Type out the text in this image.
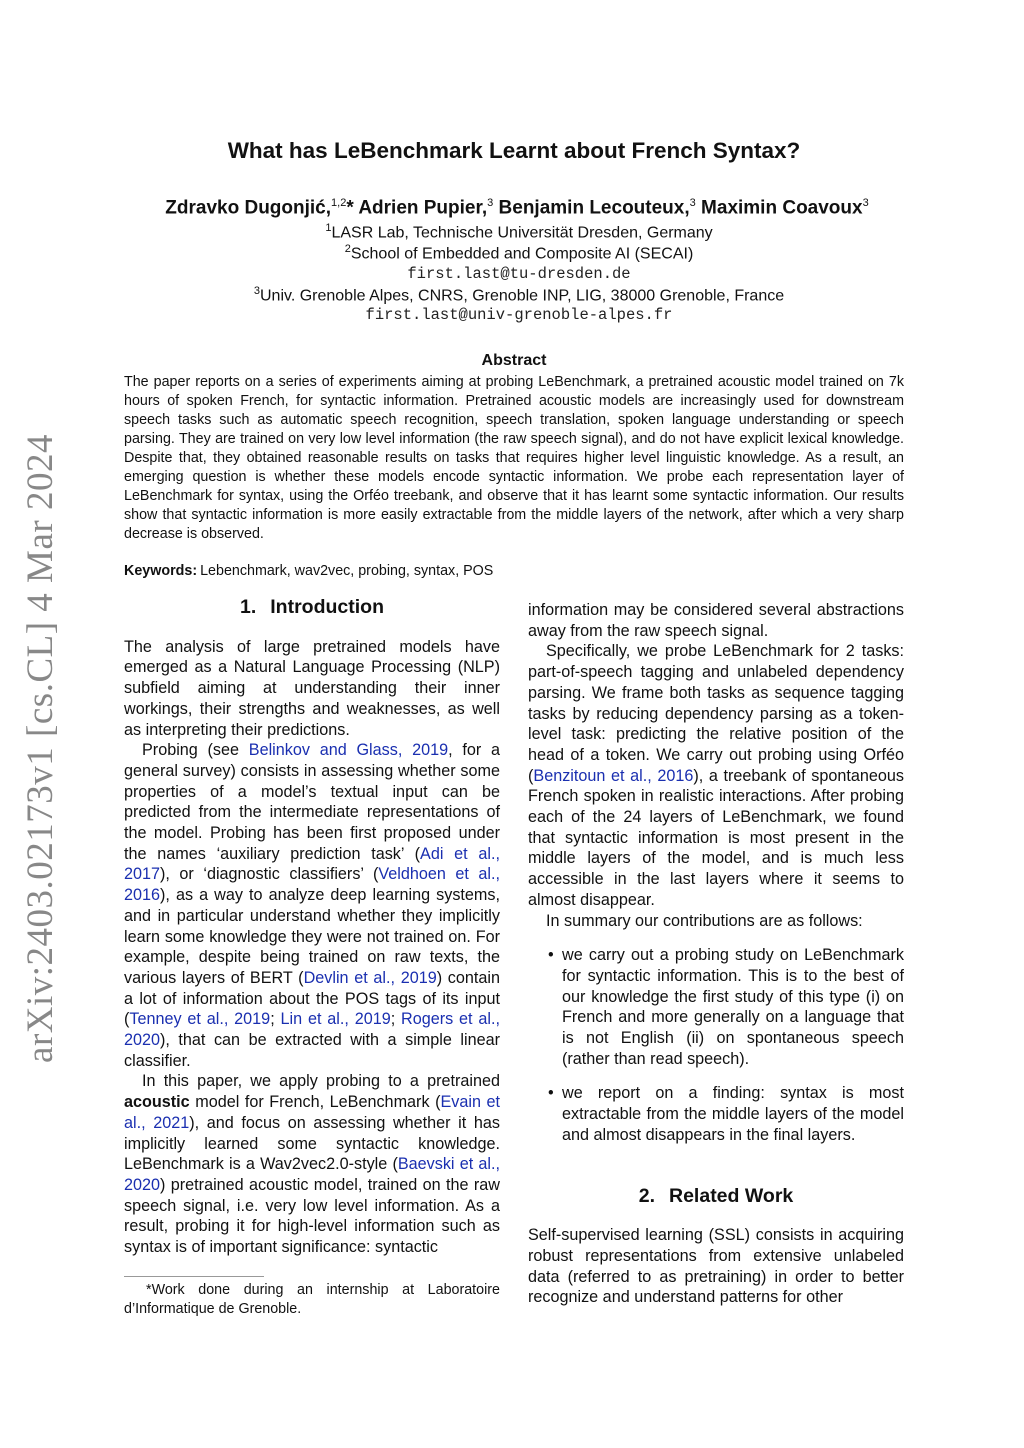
arXiv:2403.02173v1 [cs.CL] 4 Mar 2024
What has LeBenchmark Learnt about French Syntax?
Zdravko Dugonjić,$^{1,2}$* Adrien Pupier,$^3$ Benjamin Lecouteux,$^3$ Maximin Coavoux$^3$
$^1$LASR Lab, Technische Universität Dresden, Germany
$^2$School of Embedded and Composite AI (SECAI)
first.last@tu-dresden.de
$^3$Univ. Grenoble Alpes, CNRS, Grenoble INP, LIG, 38000 Grenoble, France
first.last@univ-grenoble-alpes.fr
Abstract

The paper reports on a series of experiments aiming at probing LeBenchmark, a pretrained acoustic model trained on 7k hours of spoken French, for syntactic information. Pretrained acoustic models are increasingly used for downstream speech tasks such as automatic speech recognition, speech translation, spoken language understanding or speech parsing. They are trained on very low level information (the raw speech signal), and do not have explicit lexical knowledge. Despite that, they obtained reasonable results on tasks that requires higher level linguistic knowledge. As a result, an emerging question is whether these models encode syntactic information. We probe each representation layer of LeBenchmark for syntax, using the Orféo treebank, and observe that it has learnt some syntactic information. Our results show that syntactic information is more easily extractable from the middle layers of the network, after which a very sharp decrease is observed.

Keywords: Lebenchmark, wav2vec, probing, syntax, POS
1. Introduction

The analysis of large pretrained models have emerged as a Natural Language Processing (NLP) subfield aiming at understanding their inner workings, their strengths and weaknesses, as well as interpreting their predictions.

Probing (see Belinkov and Glass, 2019, for a general survey) consists in assessing whether some properties of a model’s textual input can be predicted from the intermediate representations of the model. Probing has been first proposed under the names ‘auxiliary prediction task’ (Adi et al., 2017), or ‘diagnostic classifiers’ (Veldhoen et al., 2016), as a way to analyze deep learning systems, and in particular understand whether they implicitly learn some knowledge they were not trained on. For example, despite being trained on raw texts, the various layers of BERT (Devlin et al., 2019) contain a lot of information about the POS tags of its input (Tenney et al., 2019; Lin et al., 2019; Rogers et al., 2020), that can be extracted with a simple linear classifier.

In this paper, we apply probing to a pretrained acoustic model for French, LeBenchmark (Evain et al., 2021), and focus on assessing whether it has implicitly learned some syntactic knowledge. LeBenchmark is a Wav2vec2.0-style (Baevski et al., 2020) pretrained acoustic model, trained on the raw speech signal, i.e. very low level information. As a result, probing it for high-level information such as syntax is of important significance: syntactic

*Work done during an internship at Laboratoire d’Informatique de Grenoble.

information may be considered several abstractions away from the raw speech signal.

Specifically, we probe LeBenchmark for 2 tasks: part-of-speech tagging and unlabeled dependency parsing. We frame both tasks as sequence tagging tasks by reducing dependency parsing as a token-level task: predicting the relative position of the head of a token. We carry out probing using Orféo (Benzitoun et al., 2016), a treebank of spontaneous French spoken in realistic interactions. After probing each of the 24 layers of LeBenchmark, we found that syntactic information is most present in the middle layers of the model, and is much less accessible in the last layers where it seems to almost disappear.

In summary our contributions are as follows:

• we carry out a probing study on LeBenchmark for syntactic information. This is to the best of our knowledge the first study of this type (i) on French and more generally on a language that is not English (ii) on spontaneous speech (rather than read speech).
• we report on a finding: syntax is most extractable from the middle layers of the model and almost disappears in the final layers.
2. Related Work

Self-supervised learning (SSL) consists in acquiring robust representations from extensive unlabeled data (referred to as pretraining) in order to better recognize and understand patterns for other
